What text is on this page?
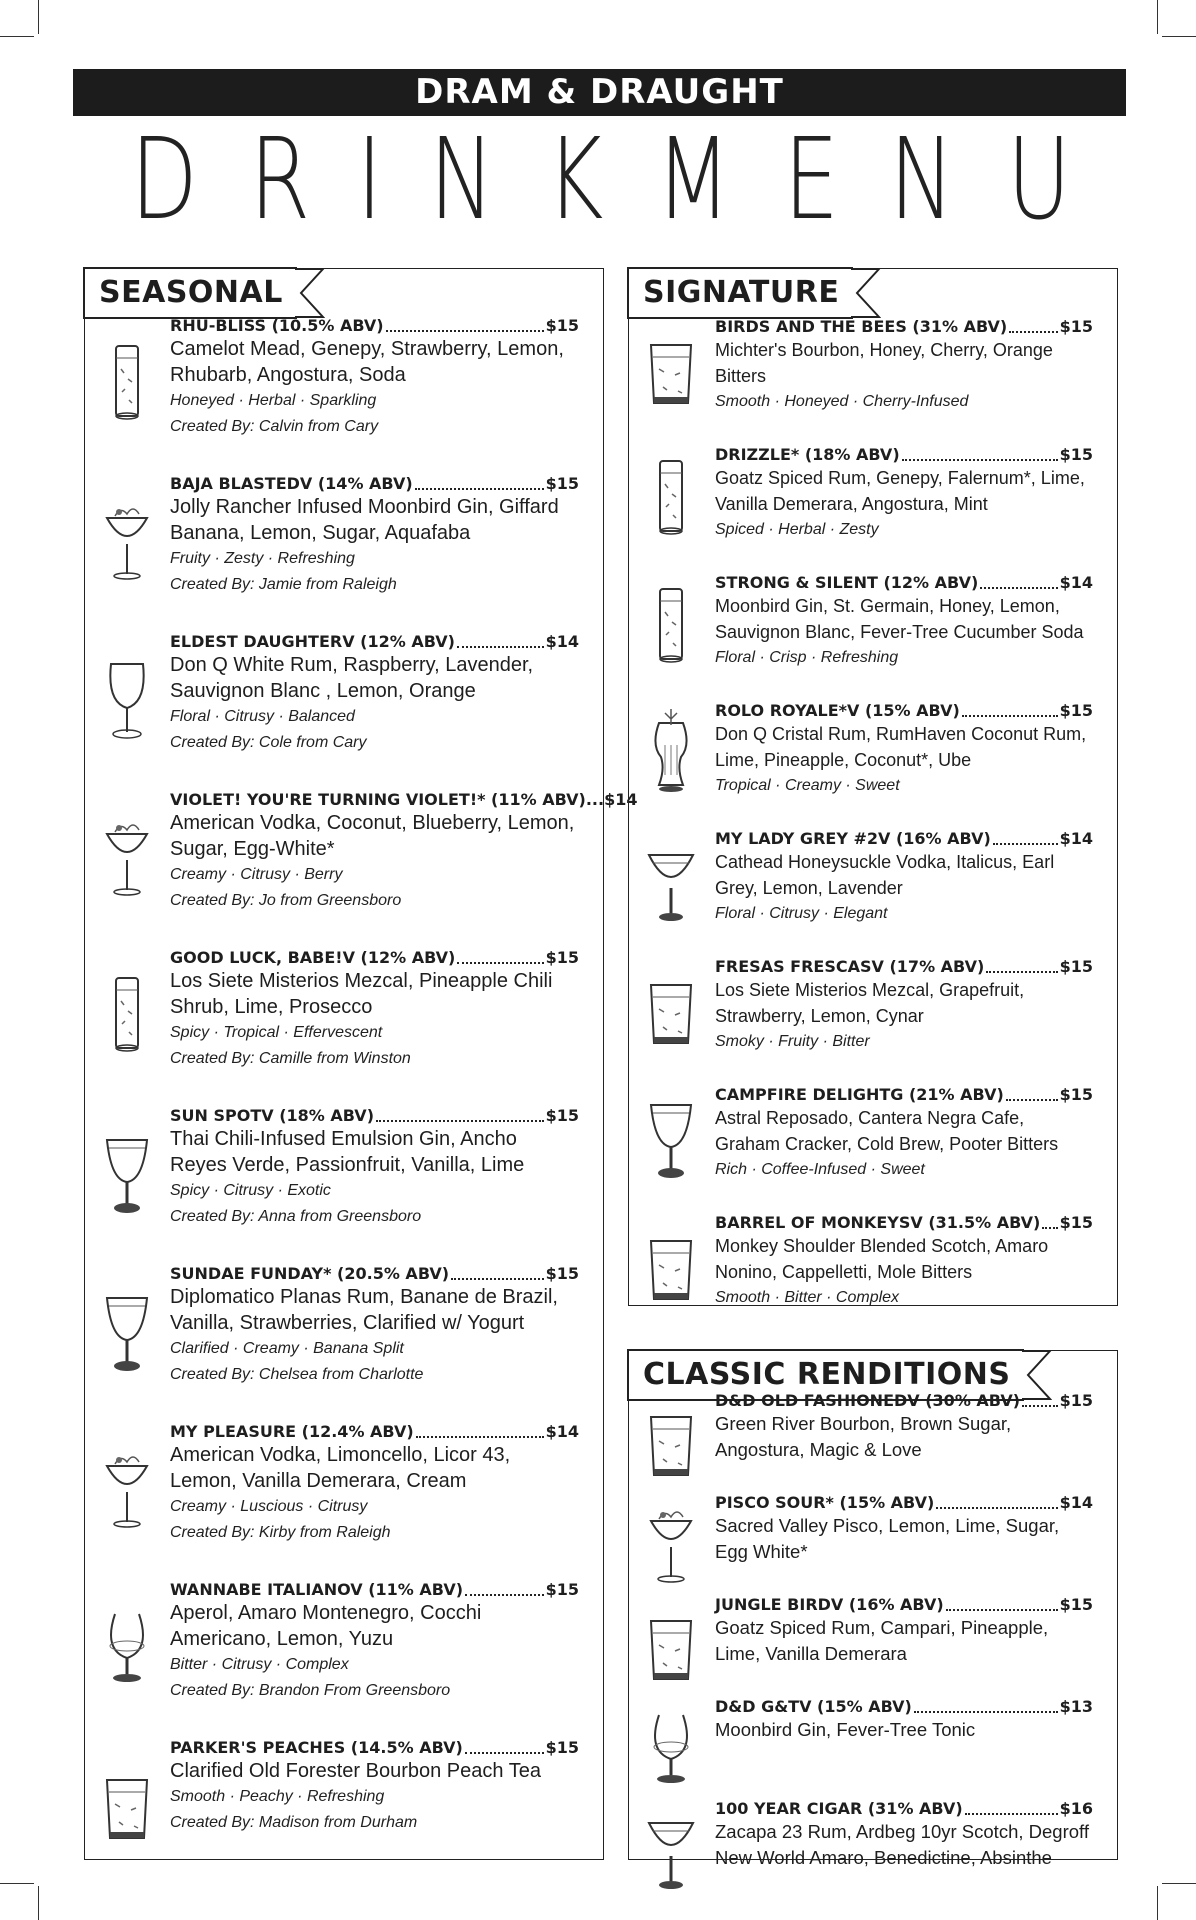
DRAM & DRAUGHT
D R I N K M E N U
SEASONAL
RHU-BLISS (10.5% ABV)	$15
Camelot Mead, Genepy, Strawberry, Lemon, Rhubarb, Angostura, Soda
Honeyed · Herbal · Sparkling
Created By: Calvin from Cary
BAJA BLASTEDV (14% ABV)	$15
Jolly Rancher Infused Moonbird Gin, Giffard Banana, Lemon, Sugar, Aquafaba
Fruity · Zesty · Refreshing
Created By: Jamie from Raleigh
ELDEST DAUGHTERV (12% ABV)	$14
Don Q White Rum, Raspberry, Lavender, Sauvignon Blanc , Lemon, Orange
Floral · Citrusy · Balanced
Created By: Cole from Cary
VIOLET! YOU'RE TURNING VIOLET!* (11% ABV)...$14
American Vodka, Coconut, Blueberry, Lemon, Sugar, Egg-White*
Creamy · Citrusy · Berry
Created By: Jo from Greensboro
GOOD LUCK, BABE!V (12% ABV)	$15
Los Siete Misterios Mezcal, Pineapple Chili Shrub, Lime, Prosecco
Spicy · Tropical · Effervescent
Created By: Camille from Winston
SUN SPOTV (18% ABV)	$15
Thai Chili-Infused Emulsion Gin, Ancho Reyes Verde, Passionfruit, Vanilla, Lime
Spicy · Citrusy · Exotic
Created By: Anna from Greensboro
SUNDAE FUNDAY* (20.5% ABV)	$15
Diplomatico Planas Rum, Banane de Brazil, Vanilla, Strawberries, Clarified w/ Yogurt
Clarified · Creamy · Banana Split
Created By: Chelsea from Charlotte
MY PLEASURE (12.4% ABV)	$14
American Vodka, Limoncello, Licor 43, Lemon, Vanilla Demerara, Cream
Creamy · Luscious · Citrusy
Created By: Kirby from Raleigh
WANNABE ITALIANOV (11% ABV)	$15
Aperol, Amaro Montenegro, Cocchi Americano, Lemon, Yuzu
Bitter · Citrusy · Complex
Created By: Brandon From Greensboro
PARKER'S PEACHES (14.5% ABV)	$15
Clarified Old Forester Bourbon Peach Tea
Smooth · Peachy · Refreshing
Created By: Madison from Durham
SIGNATURE
BIRDS AND THE BEES (31% ABV)	$15
Michter's Bourbon, Honey, Cherry, Orange Bitters
Smooth · Honeyed · Cherry-Infused
DRIZZLE* (18% ABV)	$15
Goatz Spiced Rum, Genepy, Falernum*, Lime, Vanilla Demerara, Angostura, Mint
Spiced · Herbal · Zesty
STRONG & SILENT (12% ABV)	$14
Moonbird Gin, St. Germain, Honey, Lemon, Sauvignon Blanc, Fever-Tree Cucumber Soda
Floral · Crisp · Refreshing
ROLO ROYALE*V (15% ABV)	$15
Don Q Cristal Rum, RumHaven Coconut Rum, Lime, Pineapple, Coconut*, Ube
Tropical · Creamy · Sweet
MY LADY GREY #2V (16% ABV)	$14
Cathead Honeysuckle Vodka, Italicus, Earl Grey, Lemon, Lavender
Floral · Citrusy · Elegant
FRESAS FRESCASV (17% ABV)	$15
Los Siete Misterios Mezcal, Grapefruit, Strawberry, Lemon, Cynar
Smoky · Fruity · Bitter
CAMPFIRE DELIGHTG (21% ABV)	$15
Astral Reposado, Cantera Negra Cafe, Graham Cracker, Cold Brew, Pooter Bitters
Rich · Coffee-Infused · Sweet
BARREL OF MONKEYSV (31.5% ABV) $15
Monkey Shoulder Blended Scotch, Amaro Nonino, Cappelletti, Mole Bitters
Smooth · Bitter · Complex
CLASSIC RENDITIONS
D&D OLD FASHIONEDV (30% ABV) $15
Green River Bourbon, Brown Sugar, Angostura, Magic & Love
PISCO SOUR* (15% ABV)	$14
Sacred Valley Pisco, Lemon, Lime, Sugar, Egg White*
JUNGLE BIRDV (16% ABV)	$15
Goatz Spiced Rum, Campari, Pineapple, Lime, Vanilla Demerara
D&D G&TV (15% ABV)	$13
Moonbird Gin, Fever-Tree Tonic
100 YEAR CIGAR (31% ABV)	$16
Zacapa 23 Rum, Ardbeg 10yr Scotch, Degroff New World Amaro, Benedictine, Absinthe
